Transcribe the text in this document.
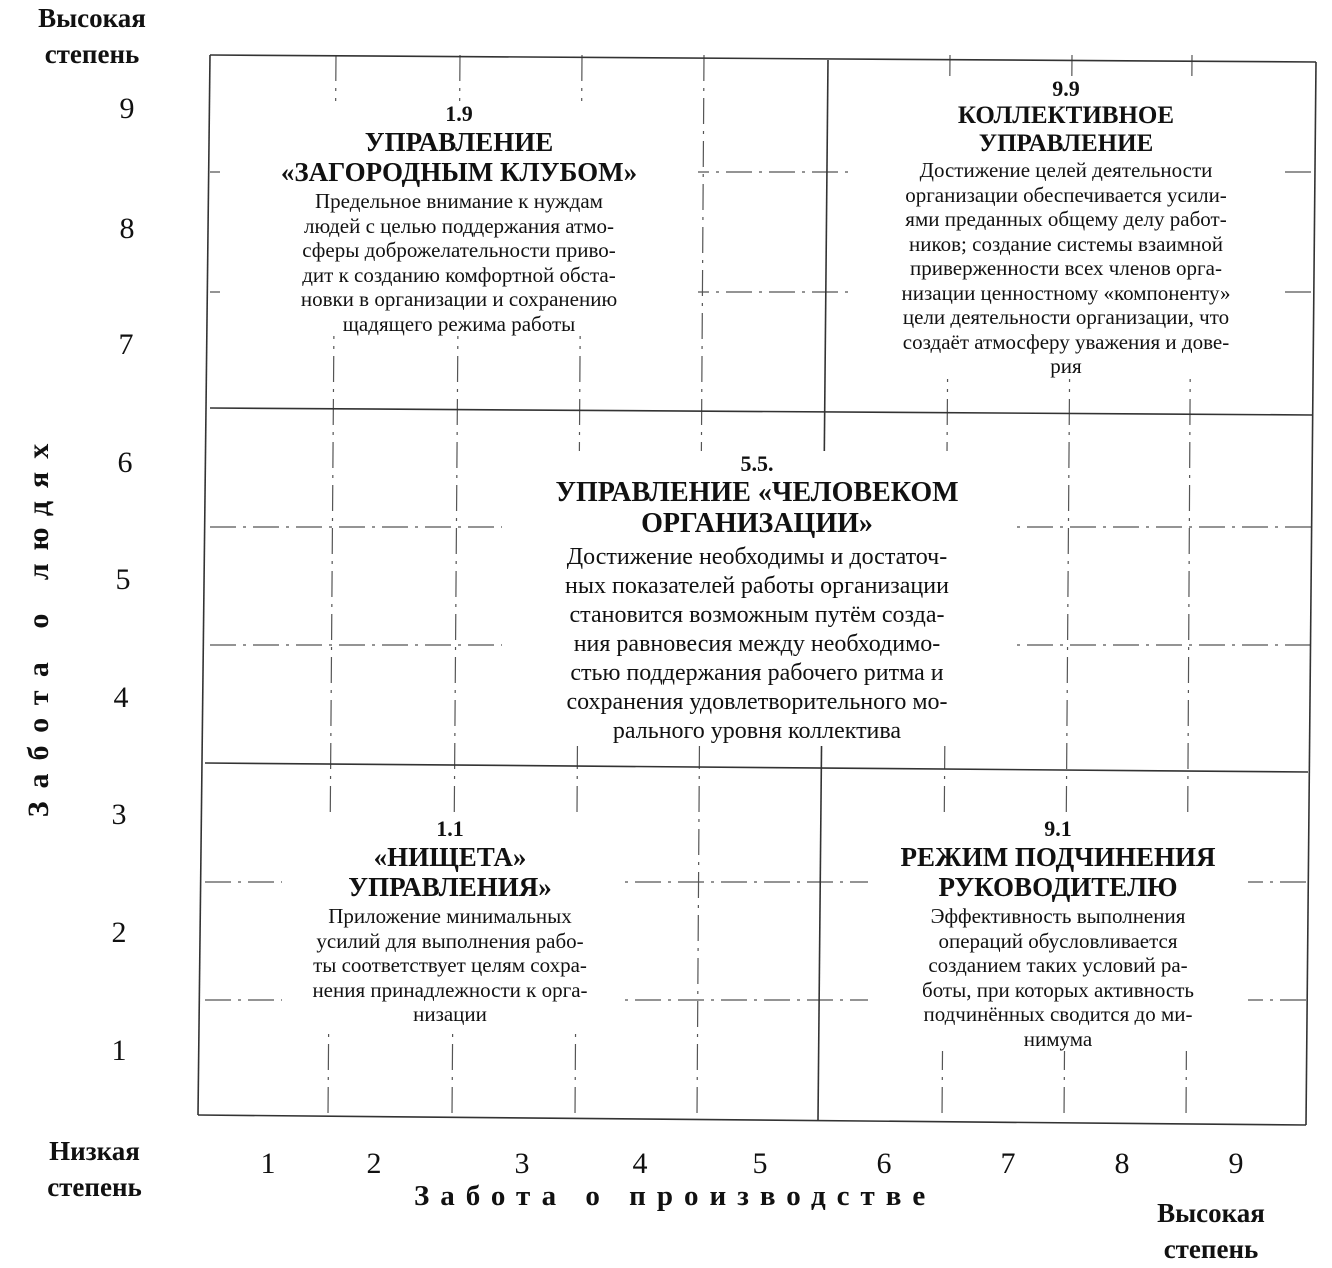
Высокая
степень
Низкая
степень
Высокая
степень
Забота о людях
Забота о производстве
9
8
7
6
5
4
3
2
1
1	2	3	4	5	6	7	8	9
1.9
УПРАВЛЕНИЕ
«ЗАГОРОДНЫМ КЛУБОМ»
Предельное внимание к нуждам
людей с целью поддержания атмо-
сферы доброжелательности приво-
дит к созданию комфортной обста-
новки в организации и сохранению
щадящего режима работы
9.9
КОЛЛЕКТИВНОЕ
УПРАВЛЕНИЕ
Достижение целей деятельности
организации обеспечивается усили-
ями преданных общему делу работ-
ников; создание системы взаимной
приверженности всех членов орга-
низации ценностному «компоненту»
цели деятельности организации, что
создаёт атмосферу уважения и дове-
рия
5.5.
УПРАВЛЕНИЕ «ЧЕЛОВЕКОМ
ОРГАНИЗАЦИИ»
Достижение необходимы и достаточ-
ных показателей работы организации
становится возможным путём созда-
ния равновесия между необходимо-
стью поддержания рабочего ритма и
сохранения удовлетворительного мо-
рального уровня коллектива
1.1
«НИЩЕТА»
УПРАВЛЕНИЯ»
Приложение минимальных
усилий для выполнения рабо-
ты соответствует целям сохра-
нения принадлежности к орга-
низации
9.1
РЕЖИМ ПОДЧИНЕНИЯ
РУКОВОДИТЕЛЮ
Эффективность выполнения
операций обусловливается
созданием таких условий ра-
боты, при которых активность
подчинённых сводится до ми-
нимума
